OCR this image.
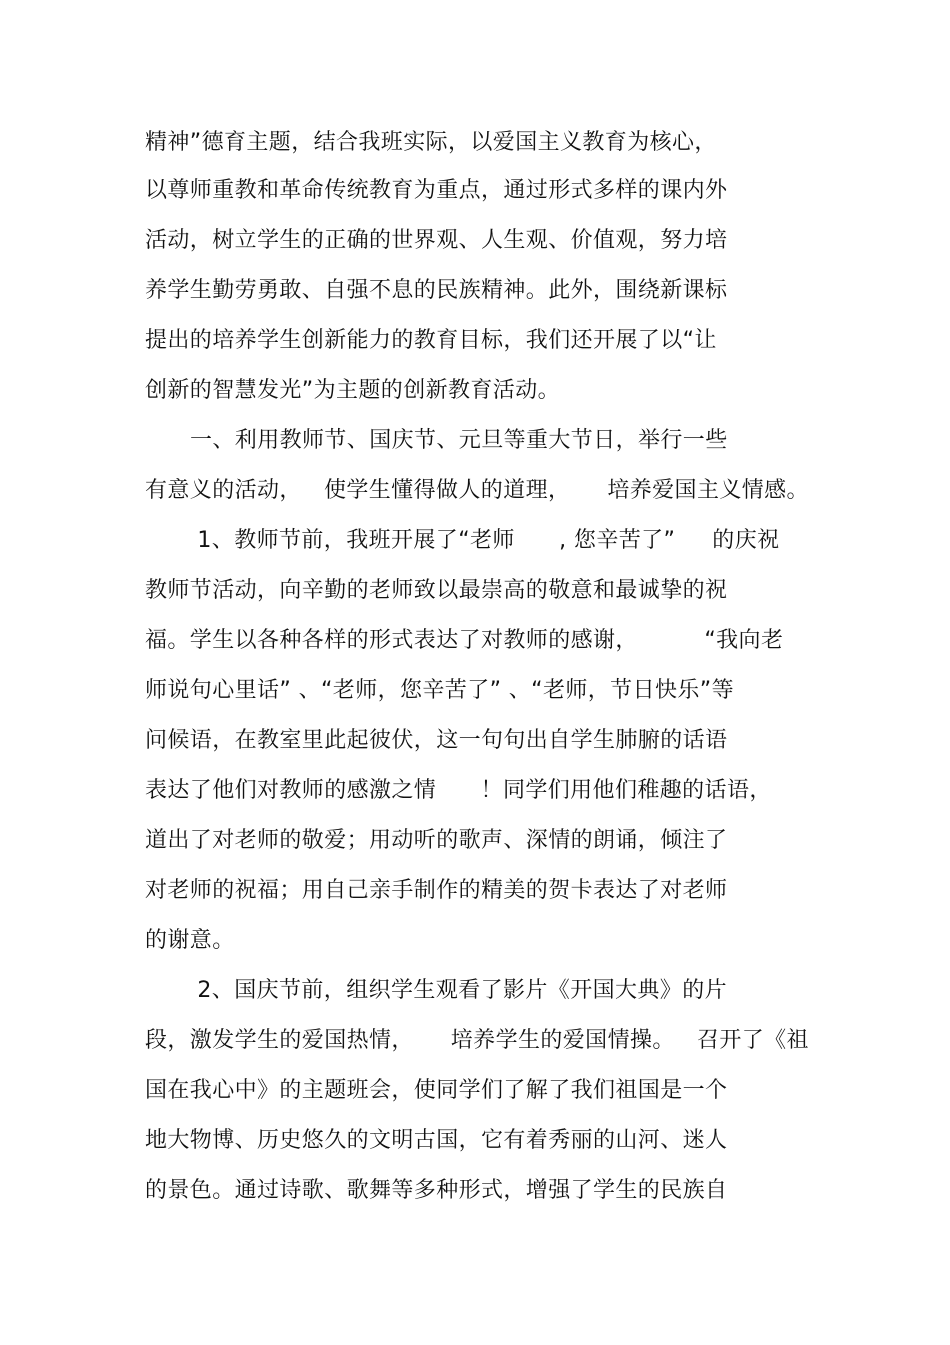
精神”德育主题，结合我班实际，以爱国主义教育为核心，
以尊师重教和革命传统教育为重点，通过形式多样的课内外
活动，树立学生的正确的世界观、人生观、价值观，努力培
养学生勤劳勇敢、自强不息的民族精神。此外，围绕新课标
提出的培养学生创新能力的教育目标，我们还开展了以“让
创新的智慧发光”为主题的创新教育活动。
一、利用教师节、国庆节、元旦等重大节日，举行一些
有意义的活动，   使学生懂得做人的道理，     培养爱国主义情感。
1、教师节前，我班开展了“老师      , 您辛苦了”     的庆祝
教师节活动，向辛勤的老师致以最崇高的敬意和最诚挚的祝
福。学生以各种各样的形式表达了对教师的感谢，         “我向老
师说句心里话” 、“老师，您辛苦了” 、“老师，节日快乐”等
问候语，在教室里此起彼伏，这一句句出自学生肺腑的话语
表达了他们对教师的感激之情      ！同学们用他们稚趣的话语，
道出了对老师的敬爱；用动听的歌声、深情的朗诵，倾注了
对老师的祝福；用自己亲手制作的精美的贺卡表达了对老师
的谢意。
2、国庆节前，组织学生观看了影片《开国大典》的片
段，激发学生的爱国热情，     培养学生的爱国情操。   召开了《祖
国在我心中》的主题班会，使同学们了解了我们祖国是一个
地大物博、历史悠久的文明古国，它有着秀丽的山河、迷人
的景色。通过诗歌、歌舞等多种形式，增强了学生的民族自
